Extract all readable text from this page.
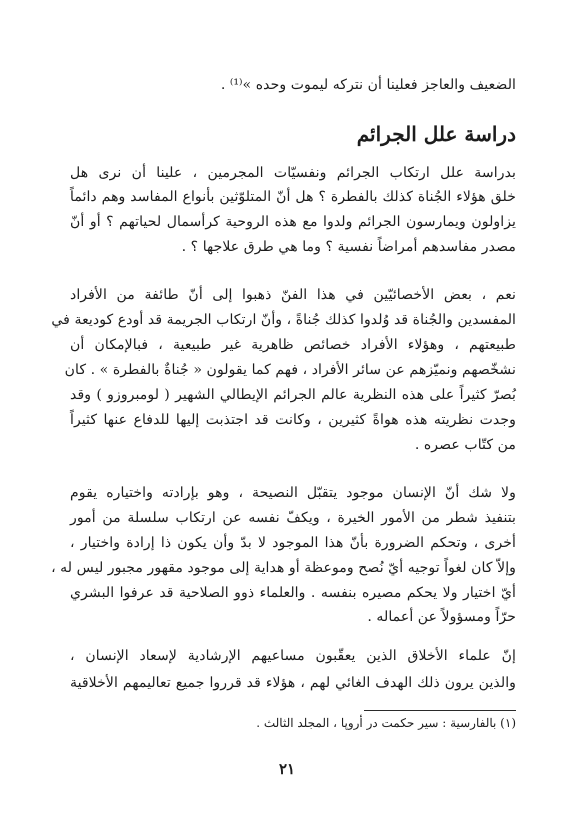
الضعيف والعاجز فعلينا أن نتركه ليموت وحده »⁽¹⁾ .
دراسة علل الجرائم
بدراسة علل ارتكاب الجرائم ونفسيّات المجرمين ، علينا أن نرى هل
خلق هؤلاء الجُناة كذلك بالفطرة ؟ هل أنّ المتلوّثين بأنواع المفاسد وهم دائماً
يزاولون ويمارسون الجرائم ولدوا مع هذه الروحية كرأسمال لحياتهم ؟ أو أنّ
مصدر مفاسدهم أمراضاً نفسية ؟ وما هي طرق علاجها ؟ .
نعم ، بعض الأخصائيّين في هذا الفنّ ذهبوا إلى أنّ طائفة من الأفراد
المفسدين والجُناة قد وُلدوا كذلك جُناةً ، وأنّ ارتكاب الجريمة قد أودع كوديعة في
طبيعتهم ، وهؤلاء الأفراد خصائص ظاهرية غير طبيعية ، فبالإمكان أن
نشخّصهم ونميّزهم عن سائر الأفراد ، فهم كما يقولون « جُناةٌ بالفطرة » . كان
بُصرّ كثيراً على هذه النظرية عالم الجرائم الإيطالي الشهير ( لومبروزو ) وقد
وجدت نظريته هذه هواةً كثيرين ، وكانت قد اجتذبت إليها للدفاع عنها كثيراً
من كتّاب عصره .
ولا شك أنّ الإنسان موجود يتقبّل النصيحة ، وهو بإرادته واختياره يقوم
بتنفيذ شطر من الأمور الخيرة ، ويكفّ نفسه عن ارتكاب سلسلة من أمور
أخرى ، وتحكم الضرورة بأنّ هذا الموجود لا بدّ وأن يكون ذا إرادة واختيار ،
وإلاّ كان لغواً توجيه أيّ نُصح وموعظة أو هداية إلى موجود مقهور مجبور ليس له ،
أيّ اختيار ولا يحكم مصيره بنفسه . والعلماء ذوو الصلاحية قد عرفوا البشري
حرّاً ومسؤولاً عن أعماله .
إنّ علماء الأخلاق الذين يعقّبون مساعيهم الإرشادية لإسعاد الإنسان ،
والذين يرون ذلك الهدف الغائي لهم ، هؤلاء قد قرروا جميع تعاليمهم الأخلاقية
(١) بالفارسية : سير حكمت در أروپا ، المجلد الثالث .
٢١
